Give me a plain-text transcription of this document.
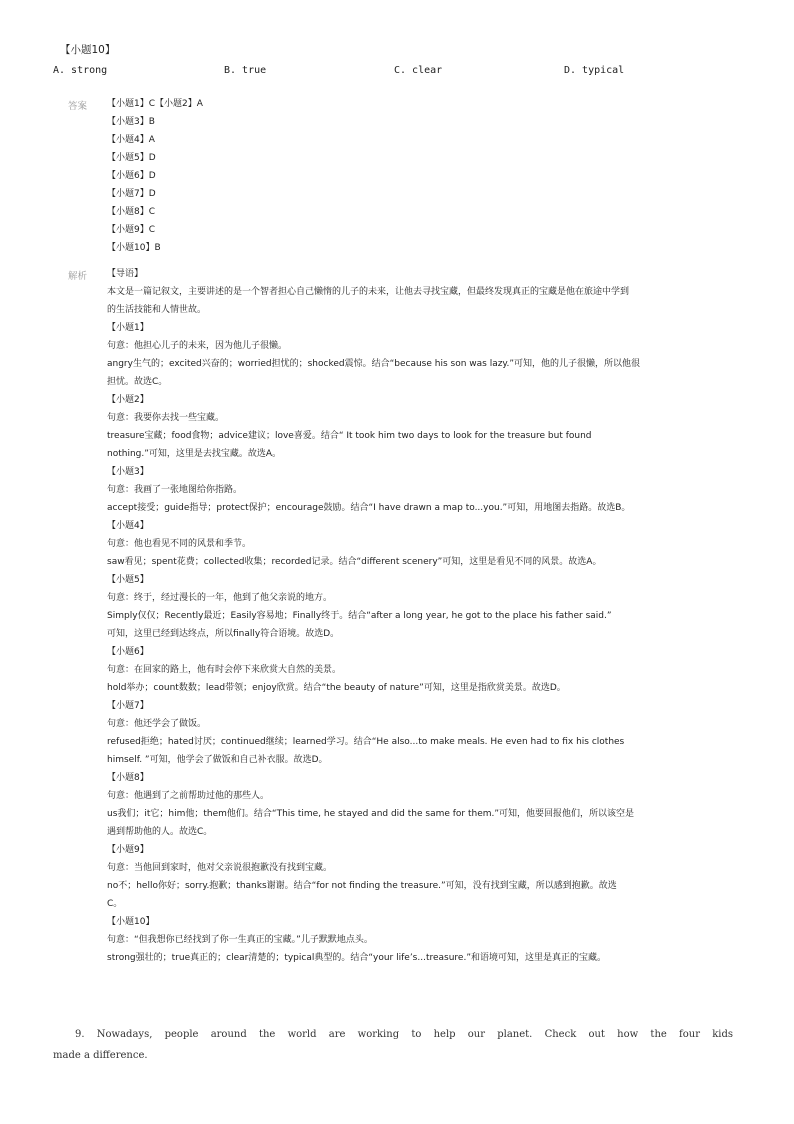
【小题10】
A. strong	B. true	C. clear	D. typical
答案 【小题1】C【小题2】A
【小题3】B
【小题4】A
【小题5】D
【小题6】D
【小题7】D
【小题8】C
【小题9】C
【小题10】B
解析 【导语】
本文是一篇记叙文，主要讲述的是一个智者担心自己懒惰的儿子的未来，让他去寻找宝藏，但最终发现真正的宝藏是他在旅途中学到
的生活技能和人情世故。
【小题1】
句意：他担心儿子的未来，因为他儿子很懒。
angry生气的；excited兴奋的；worried担忧的；shocked震惊。结合“because his son was lazy.”可知，他的儿子很懒，所以他很
担忧。故选C。
【小题2】
句意：我要你去找一些宝藏。
treasure宝藏；food食物；advice建议；love喜爱。结合“ It took him two days to look for the treasure but found
nothing.”可知，这里是去找宝藏。故选A。
【小题3】
句意：我画了一张地图给你指路。
accept接受；guide指导；protect保护；encourage鼓励。结合“I have drawn a map to...you.”可知，用地图去指路。故选B。
【小题4】
句意：他也看见不同的风景和季节。
saw看见；spent花费；collected收集；recorded记录。结合“different scenery”可知，这里是看见不同的风景。故选A。
【小题5】
句意：终于，经过漫长的一年，他到了他父亲说的地方。
Simply仅仅；Recently最近；Easily容易地；Finally终于。结合“after a long year, he got to the place his father said.”
可知，这里已经到达终点，所以finally符合语境。故选D。
【小题6】
句意：在回家的路上，他有时会停下来欣赏大自然的美景。
hold举办；count数数；lead带领；enjoy欣赏。结合“the beauty of nature”可知，这里是指欣赏美景。故选D。
【小题7】
句意：他还学会了做饭。
refused拒绝；hated讨厌；continued继续；learned学习。结合“He also...to make meals. He even had to fix his clothes
himself. ”可知，他学会了做饭和自己补衣服。故选D。
【小题8】
句意：他遇到了之前帮助过他的那些人。
us我们；it它；him他；them他们。结合“This time, he stayed and did the same for them.”可知，他要回报他们，所以该空是
遇到帮助他的人。故选C。
【小题9】
句意：当他回到家时，他对父亲说很抱歉没有找到宝藏。
no不；hello你好；sorry.抱歉；thanks谢谢。结合“for not finding the treasure.”可知，没有找到宝藏，所以感到抱歉。故选
C。
【小题10】
句意：“但我想你已经找到了你一生真正的宝藏。”儿子默默地点头。
strong强壮的；true真正的；clear清楚的；typical典型的。结合“your life’s...treasure.”和语境可知，这里是真正的宝藏。
9. Nowadays, people around the world are working to help our planet. Check out how the four kids
made a difference.
